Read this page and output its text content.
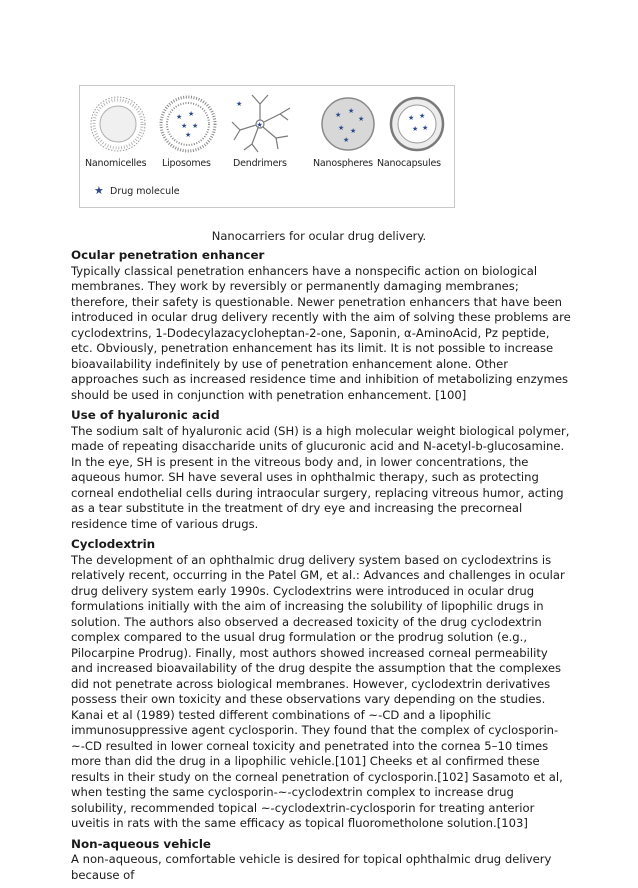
★ ★
★ ★
★
★
★
★ ★
★
★ ★
★
★ ★
★ ★
Nanomicelles Liposomes Dendrimers	Nanospheres Nanocapsules
★ Drug molecule
Nanocarriers for ocular drug delivery.

Ocular penetration enhancer

Typically classical penetration enhancers have a nonspecific action on biological membranes. They work by reversibly or permanently damaging membranes; therefore, their safety is questionable. Newer penetration enhancers that have been introduced in ocular drug delivery recently with the aim of solving these problems are cyclodextrins, 1-Dodecylazacycloheptan-2-one, Saponin, α-AminoAcid, Pz peptide, etc. Obviously, penetration enhancement has its limit. It is not possible to increase bioavailability indefinitely by use of penetration enhancement alone. Other approaches such as increased residence time and inhibition of metabolizing enzymes should be used in conjunction with penetration enhancement. [100]

Use of hyaluronic acid

The sodium salt of hyaluronic acid (SH) is a high molecular weight biological polymer, made of repeating disaccharide units of glucuronic acid and N-acetyl-b-glucosamine. In the eye, SH is present in the vitreous body and, in lower concentrations, the aqueous humor. SH have several uses in ophthalmic therapy, such as protecting corneal endothelial cells during intraocular surgery, replacing vitreous humor, acting as a tear substitute in the treatment of dry eye and increasing the precorneal residence time of various drugs.

Cyclodextrin

The development of an ophthalmic drug delivery system based on cyclodextrins is relatively recent, occurring in the Patel GM, et al.: Advances and challenges in ocular drug delivery system early 1990s. Cyclodextrins were introduced in ocular drug formulations initially with the aim of increasing the solubility of lipophilic drugs in solution. The authors also observed a decreased toxicity of the drug cyclodextrin complex compared to the usual drug formulation or the prodrug solution (e.g., Pilocarpine Prodrug). Finally, most authors showed increased corneal permeability and increased bioavailability of the drug despite the assumption that the complexes did not penetrate across biological membranes. However, cyclodextrin derivatives possess their own toxicity and these observations vary depending on the studies. Kanai et al (1989) tested different combinations of ~-CD and a lipophilic immunosuppressive agent cyclosporin. They found that the complex of cyclosporin-~-CD resulted in lower corneal toxicity and penetrated into the cornea 5–10 times more than did the drug in a lipophilic vehicle.[101] Cheeks et al confirmed these results in their study on the corneal penetration of cyclosporin.[102] Sasamoto et al, when testing the same cyclosporin-~-cyclodextrin complex to increase drug solubility, recommended topical ~-cyclodextrin-cyclosporin for treating anterior uveitis in rats with the same efficacy as topical fluorometholone solution.[103]

Non-aqueous vehicle

A non-aqueous, comfortable vehicle is desired for topical ophthalmic drug delivery because of
